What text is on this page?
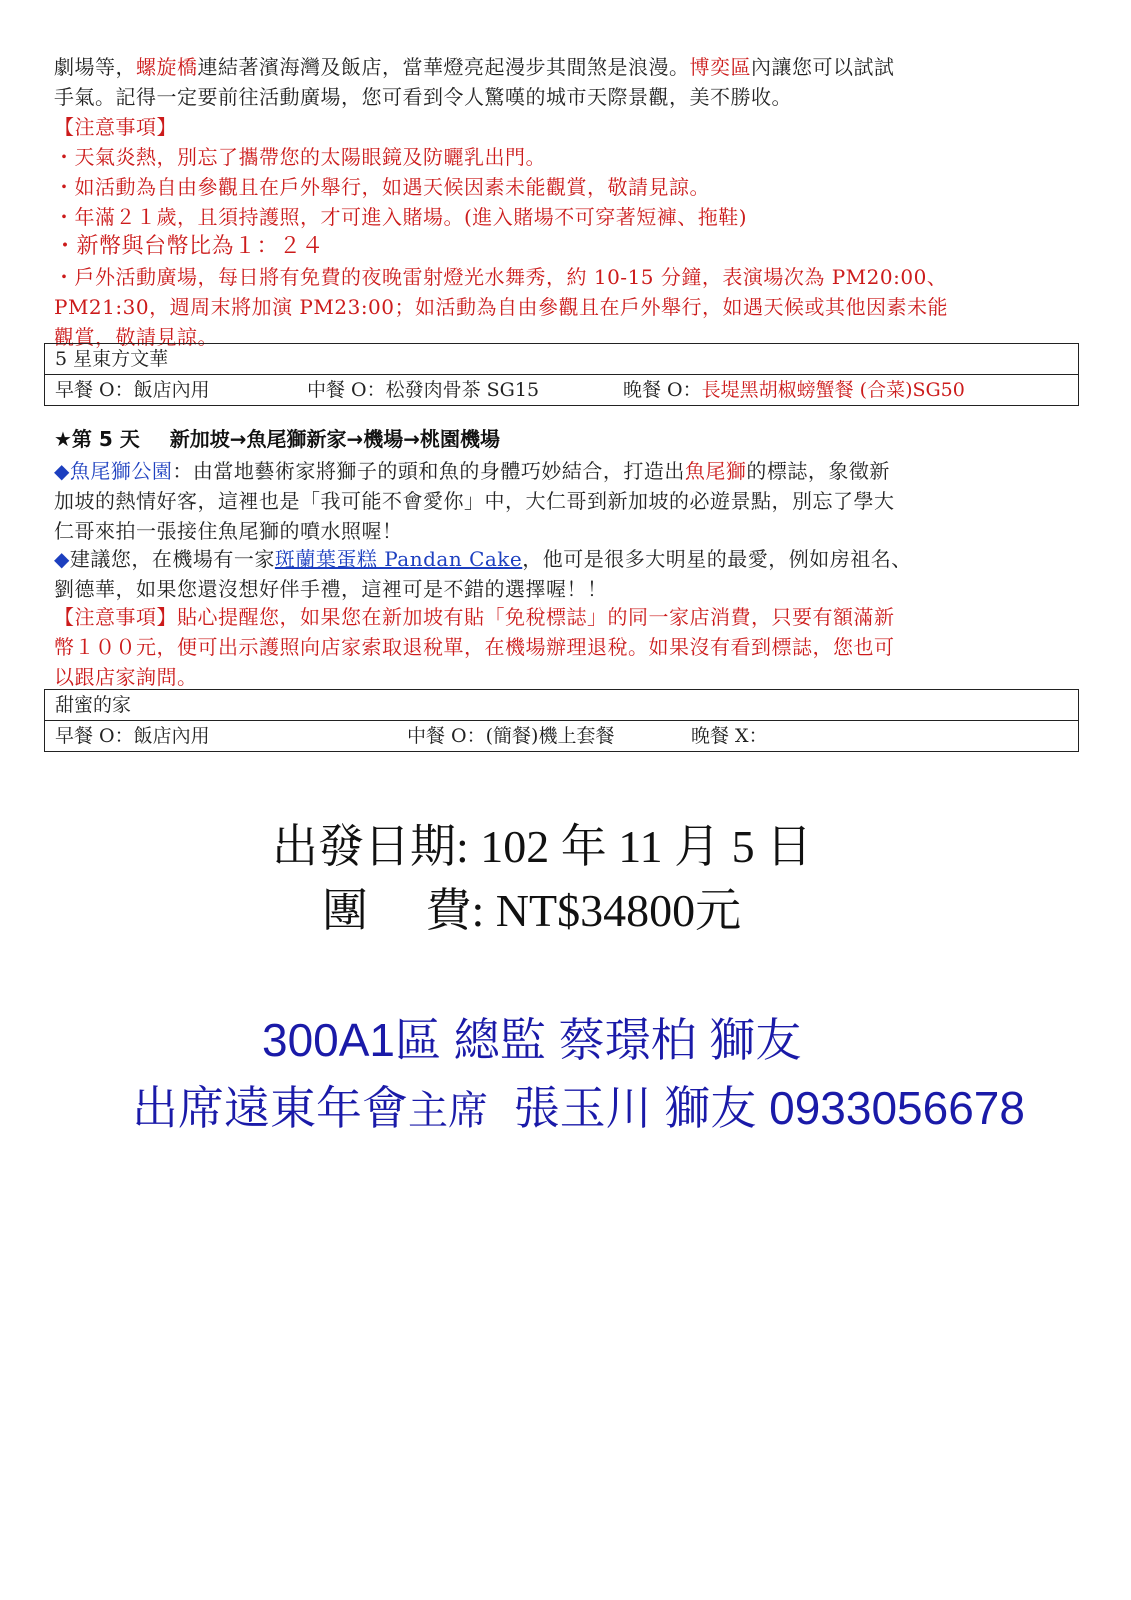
劇場等，螺旋橋連結著濱海灣及飯店，當華燈亮起漫步其間煞是浪漫。博奕區內讓您可以試試
手氣。記得一定要前往活動廣場，您可看到令人驚嘆的城市天際景觀，美不勝收。
【注意事項】
・天氣炎熱，別忘了攜帶您的太陽眼鏡及防曬乳出門。
・如活動為自由參觀且在戶外舉行，如遇天候因素未能觀賞，敬請見諒。
・年滿２１歲，且須持護照，才可進入賭場。(進入賭場不可穿著短褲、拖鞋)
・新幣與台幣比為１：２４
・戶外活動廣場，每日將有免費的夜晚雷射燈光水舞秀，約 10-15 分鐘，表演場次為 PM20:00、
PM21:30，週周末將加演 PM23:00；如活動為自由參觀且在戶外舉行，如遇天候或其他因素未能
觀賞，敬請見諒。
5 星東方文華
早餐 O：飯店內用	中餐 O：松發肉骨茶 SG15	晚餐 O：長堤黑胡椒螃蟹餐 (合菜)SG50
★第 5 天 新加坡→魚尾獅新家→機場→桃園機場
◆魚尾獅公園：由當地藝術家將獅子的頭和魚的身體巧妙結合，打造出魚尾獅的標誌，象徵新
加坡的熱情好客，這裡也是「我可能不會愛你」中，大仁哥到新加坡的必遊景點，別忘了學大
仁哥來拍一張接住魚尾獅的噴水照喔！
◆建議您，在機場有一家斑蘭葉蛋糕 Pandan Cake，他可是很多大明星的最愛，例如房祖名、
劉德華，如果您還沒想好伴手禮，這裡可是不錯的選擇喔！！
【注意事項】貼心提醒您，如果您在新加坡有貼「免稅標誌」的同一家店消費，只要有額滿新
幣１００元，便可出示護照向店家索取退稅單，在機場辦理退稅。如果沒有看到標誌，您也可
以跟店家詢問。
甜蜜的家
早餐 O：飯店內用	中餐 O：(簡餐)機上套餐	晚餐 X：
出發日期: 102 年 11 月 5 日
團　 費: NT$34800元
300A1區 總監 蔡璟柏 獅友
出席遠東年會主席 張玉川 獅友 0933056678
